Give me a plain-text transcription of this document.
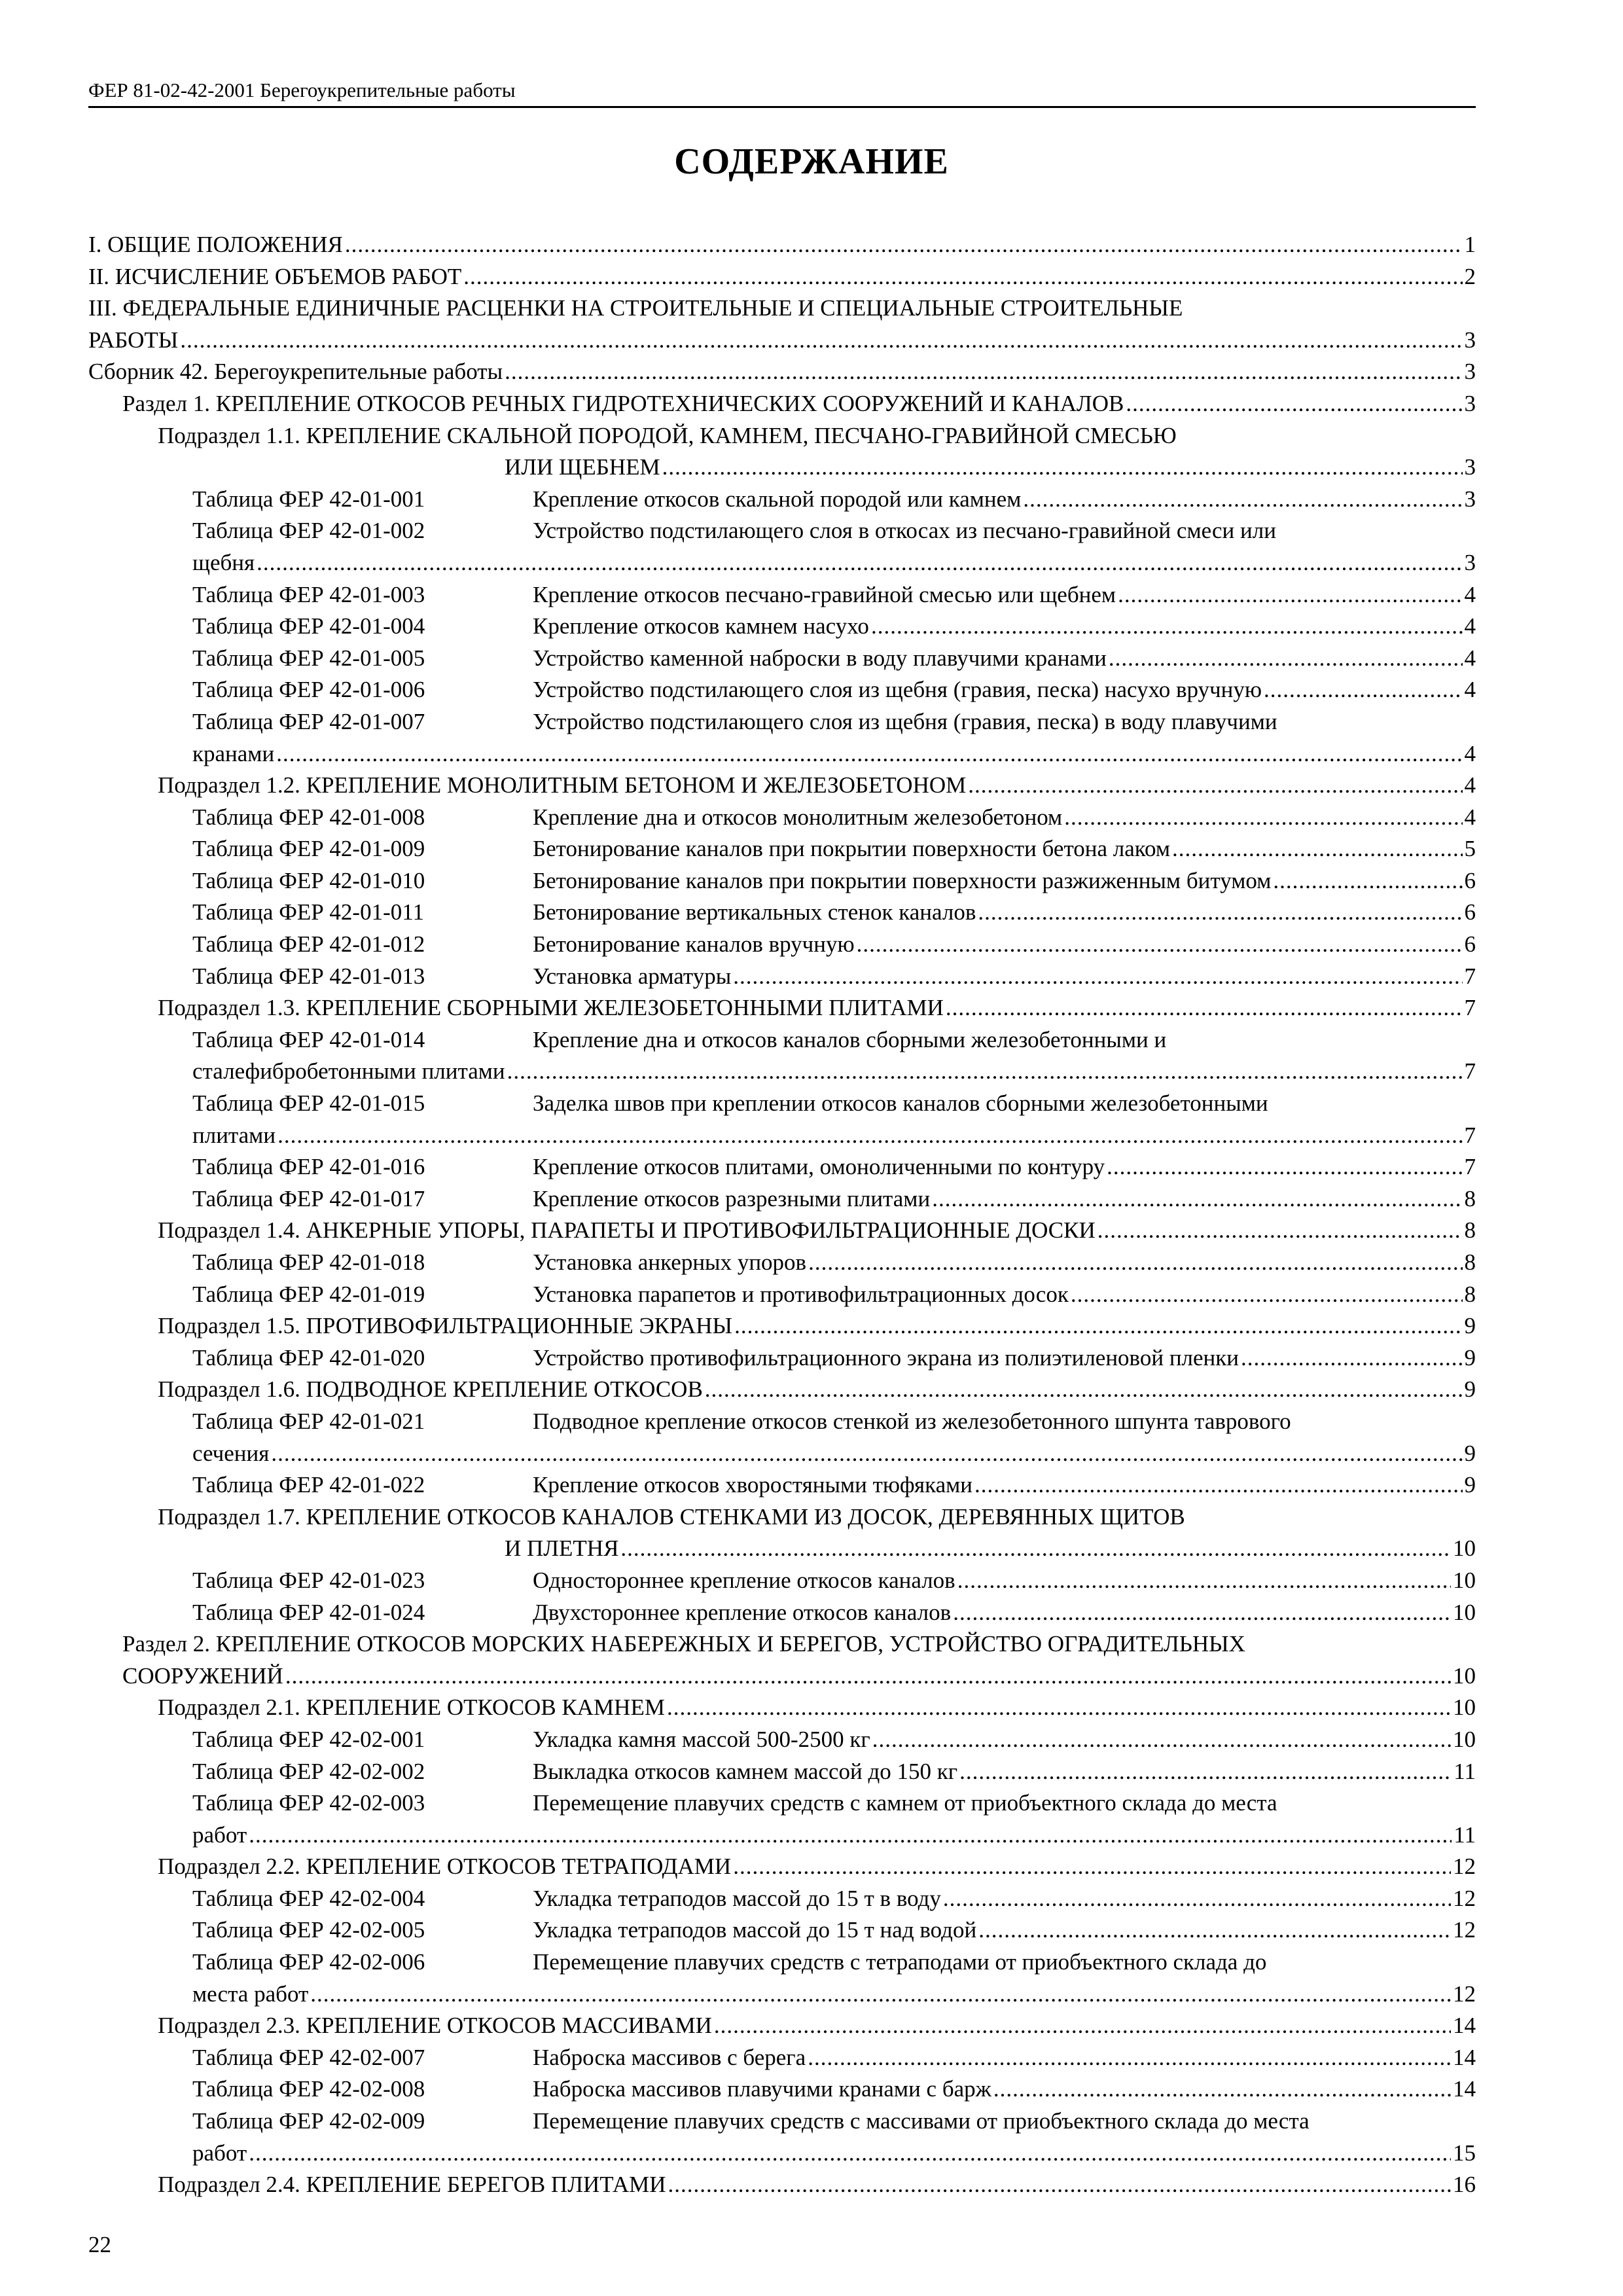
ФЕР 81-02-42-2001 Берегоукрепительные работы
СОДЕРЖАНИЕ
I. ОБЩИЕ ПОЛОЖЕНИЯ .....	1
II. ИСЧИСЛЕНИЕ ОБЪЕМОВ РАБОТ .....	2
III. ФЕДЕРАЛЬНЫЕ ЕДИНИЧНЫЕ РАСЦЕНКИ НА СТРОИТЕЛЬНЫЕ И СПЕЦИАЛЬНЫЕ СТРОИТЕЛЬНЫЕ
РАБОТЫ .....	3
Сборник 42. Берегоукрепительные работы .....	3
Раздел 1. КРЕПЛЕНИЕ ОТКОСОВ РЕЧНЫХ ГИДРОТЕХНИЧЕСКИХ СООРУЖЕНИЙ И КАНАЛОВ .....	3
Подраздел 1.1. КРЕПЛЕНИЕ СКАЛЬНОЙ ПОРОДОЙ, КАМНЕМ, ПЕСЧАНО-ГРАВИЙНОЙ СМЕСЬЮ
ИЛИ ЩЕБНЕМ .....	3
Таблица ФЕР 42-01-001	Крепление откосов скальной породой или камнем .....	3
Таблица ФЕР 42-01-002	Устройство подстилающего слоя в откосах из песчано-гравийной смеси или
щебня .....	3
Таблица ФЕР 42-01-003	Крепление откосов песчано-гравийной смесью или щебнем .....	4
Таблица ФЕР 42-01-004	Крепление откосов камнем насухо .....	4
Таблица ФЕР 42-01-005	Устройство каменной наброски в воду плавучими кранами .....	4
Таблица ФЕР 42-01-006	Устройство подстилающего слоя из щебня (гравия, песка) насухо вручную .....	4
Таблица ФЕР 42-01-007	Устройство подстилающего слоя из щебня (гравия, песка) в воду плавучими
кранами .....	4
Подраздел 1.2. КРЕПЛЕНИЕ МОНОЛИТНЫМ БЕТОНОМ И ЖЕЛЕЗОБЕТОНОМ .....	4
Таблица ФЕР 42-01-008	Крепление дна и откосов монолитным железобетоном .....	4
Таблица ФЕР 42-01-009	Бетонирование каналов при покрытии поверхности бетона лаком .....	5
Таблица ФЕР 42-01-010	Бетонирование каналов при покрытии поверхности разжиженным битумом .....	6
Таблица ФЕР 42-01-011	Бетонирование вертикальных стенок каналов .....	6
Таблица ФЕР 42-01-012	Бетонирование каналов вручную .....	6
Таблица ФЕР 42-01-013	Установка арматуры .....	7
Подраздел 1.3. КРЕПЛЕНИЕ СБОРНЫМИ ЖЕЛЕЗОБЕТОННЫМИ ПЛИТАМИ .....	7
Таблица ФЕР 42-01-014	Крепление дна и откосов каналов сборными железобетонными и
сталефибробетонными плитами .....	7
Таблица ФЕР 42-01-015	Заделка швов при креплении откосов каналов сборными железобетонными
плитами .....	7
Таблица ФЕР 42-01-016	Крепление откосов плитами, омоноличенными по контуру .....	7
Таблица ФЕР 42-01-017	Крепление откосов разрезными плитами .....	8
Подраздел 1.4. АНКЕРНЫЕ УПОРЫ, ПАРАПЕТЫ И ПРОТИВОФИЛЬТРАЦИОННЫЕ ДОСКИ .....	8
Таблица ФЕР 42-01-018	Установка анкерных упоров .....	8
Таблица ФЕР 42-01-019	Установка парапетов и противофильтрационных досок .....	8
Подраздел 1.5. ПРОТИВОФИЛЬТРАЦИОННЫЕ ЭКРАНЫ .....	9
Таблица ФЕР 42-01-020	Устройство противофильтрационного экрана из полиэтиленовой пленки .....	9
Подраздел 1.6. ПОДВОДНОЕ КРЕПЛЕНИЕ ОТКОСОВ .....	9
Таблица ФЕР 42-01-021	Подводное крепление откосов стенкой из железобетонного шпунта таврового
сечения .....	9
Таблица ФЕР 42-01-022	Крепление откосов хворостяными тюфяками .....	9
Подраздел 1.7. КРЕПЛЕНИЕ ОТКОСОВ КАНАЛОВ СТЕНКАМИ ИЗ ДОСОК, ДЕРЕВЯННЫХ ЩИТОВ
И ПЛЕТНЯ .....	10
Таблица ФЕР 42-01-023	Одностороннее крепление откосов каналов .....	10
Таблица ФЕР 42-01-024	Двухстороннее крепление откосов каналов .....	10
Раздел 2. КРЕПЛЕНИЕ ОТКОСОВ МОРСКИХ НАБЕРЕЖНЫХ И БЕРЕГОВ, УСТРОЙСТВО ОГРАДИТЕЛЬНЫХ
СООРУЖЕНИЙ .....	10
Подраздел 2.1. КРЕПЛЕНИЕ ОТКОСОВ КАМНЕМ .....	10
Таблица ФЕР 42-02-001	Укладка камня массой 500-2500 кг .....	10
Таблица ФЕР 42-02-002	Выкладка откосов камнем массой до 150 кг .....	11
Таблица ФЕР 42-02-003	Перемещение плавучих средств с камнем от приобъектного склада до места
работ .....	11
Подраздел 2.2. КРЕПЛЕНИЕ ОТКОСОВ ТЕТРАПОДАМИ .....	12
Таблица ФЕР 42-02-004	Укладка тетраподов массой до 15 т в воду .....	12
Таблица ФЕР 42-02-005	Укладка тетраподов массой до 15 т над водой .....	12
Таблица ФЕР 42-02-006	Перемещение плавучих средств с тетраподами от приобъектного склада до
места работ .....	12
Подраздел 2.3. КРЕПЛЕНИЕ ОТКОСОВ МАССИВАМИ .....	14
Таблица ФЕР 42-02-007	Наброска массивов с берега .....	14
Таблица ФЕР 42-02-008	Наброска массивов плавучими кранами с барж .....	14
Таблица ФЕР 42-02-009	Перемещение плавучих средств с массивами от приобъектного склада до места
работ .....	15
Подраздел 2.4. КРЕПЛЕНИЕ БЕРЕГОВ ПЛИТАМИ .....	16
22
